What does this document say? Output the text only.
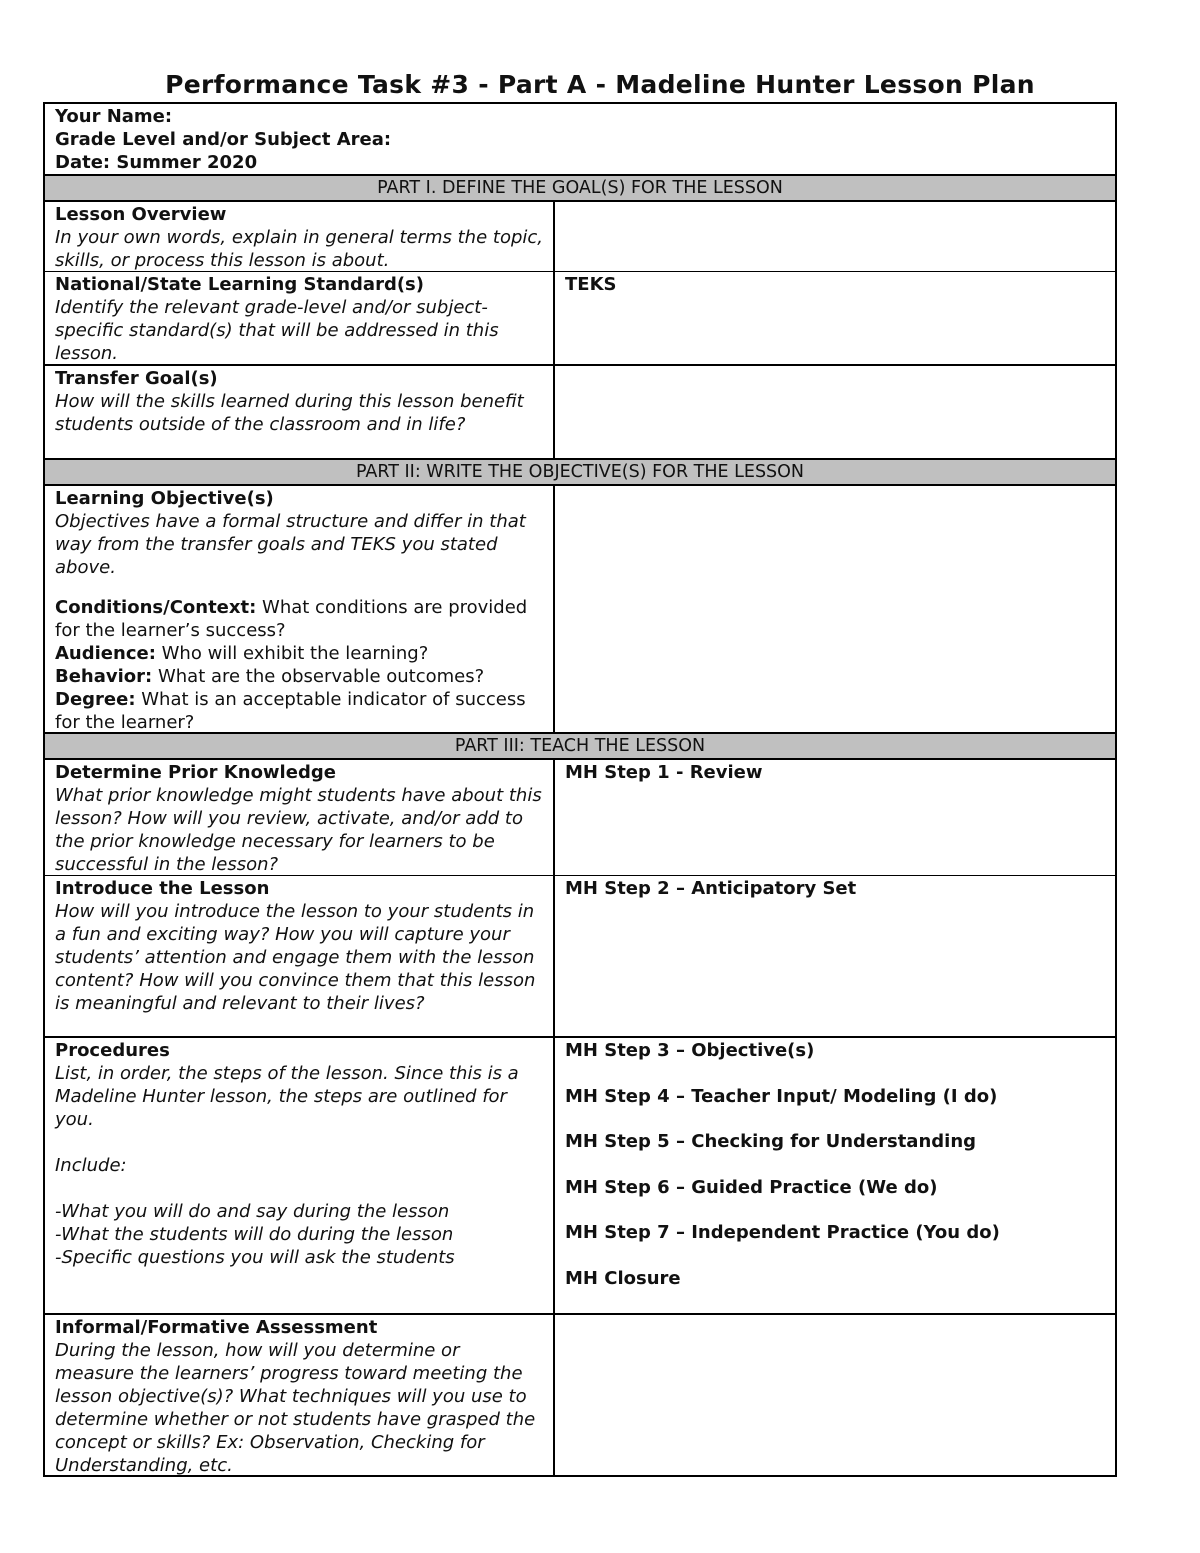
Performance Task #3 - Part A - Madeline Hunter Lesson Plan
Your Name:
Grade Level and/or Subject Area:
Date: Summer 2020
PART I. DEFINE THE GOAL(S) FOR THE LESSON
Lesson Overview
In your own words, explain in general terms the topic, skills, or process this lesson is about.
National/State Learning Standard(s)
Identify the relevant grade-level and/or subject-specific standard(s) that will be addressed in this lesson.
TEKS
Transfer Goal(s)
How will the skills learned during this lesson benefit students outside of the classroom and in life?
PART II: WRITE THE OBJECTIVE(S) FOR THE LESSON
Learning Objective(s)
Objectives have a formal structure and differ in that way from the transfer goals and TEKS you stated above.
Conditions/Context: What conditions are provided for the learner’s success?
Audience: Who will exhibit the learning?
Behavior: What are the observable outcomes?
Degree: What is an acceptable indicator of success for the learner?
PART III: TEACH THE LESSON
Determine Prior Knowledge
What prior knowledge might students have about this lesson? How will you review, activate, and/or add to the prior knowledge necessary for learners to be successful in the lesson?
MH Step 1 - Review
Introduce the Lesson
How will you introduce the lesson to your students in a fun and exciting way? How you will capture your students’ attention and engage them with the lesson content? How will you convince them that this lesson is meaningful and relevant to their lives?
MH Step 2 – Anticipatory Set
Procedures
List, in order, the steps of the lesson. Since this is a Madeline Hunter lesson, the steps are outlined for you.
Include:
-What you will do and say during the lesson
-What the students will do during the lesson
-Specific questions you will ask the students
MH Step 3 – Objective(s)
MH Step 4 – Teacher Input/ Modeling (I do)
MH Step 5 – Checking for Understanding
MH Step 6 – Guided Practice (We do)
MH Step 7 – Independent Practice (You do)
MH Closure
Informal/Formative Assessment
During the lesson, how will you determine or measure the learners’ progress toward meeting the lesson objective(s)? What techniques will you use to determine whether or not students have grasped the concept or skills? Ex: Observation, Checking for Understanding, etc.
